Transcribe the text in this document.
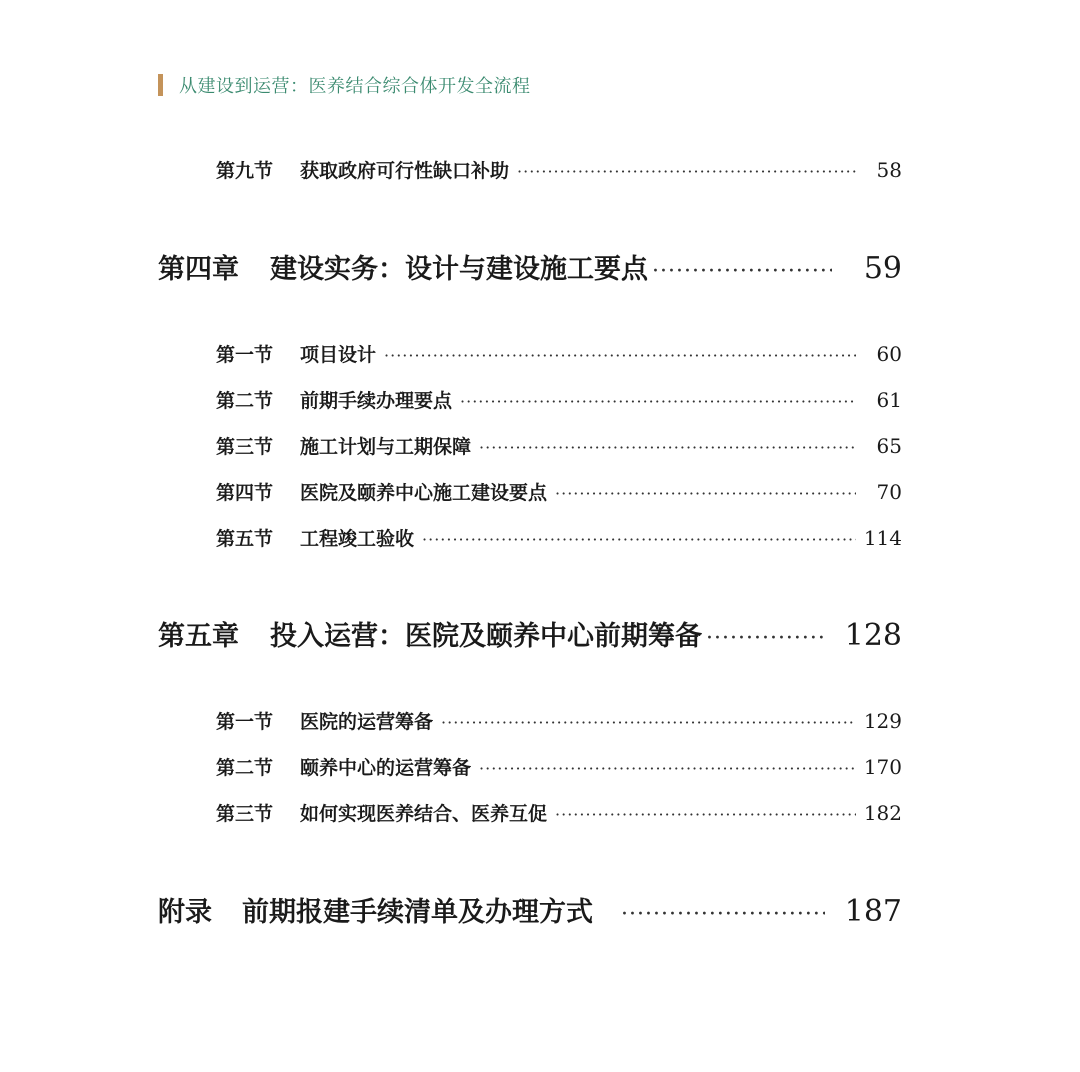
从建设到运营：医养结合综合体开发全流程
第九节	获取政府可行性缺口补助 ·····	58
第四章	建设实务：设计与建设施工要点 ·····	59
第一节	项目设计 ·····	60
第二节	前期手续办理要点 ·····	61
第三节	施工计划与工期保障 ·····	65
第四节	医院及颐养中心施工建设要点 ·····	70
第五节	工程竣工验收 ·····	114
第五章	投入运营：医院及颐养中心前期筹备 ·····	128
第一节	医院的运营筹备 ·····	129
第二节	颐养中心的运营筹备 ·····	170
第三节	如何实现医养结合、医养互促 ·····	182
附录	前期报建手续清单及办理方式 ·····	187
